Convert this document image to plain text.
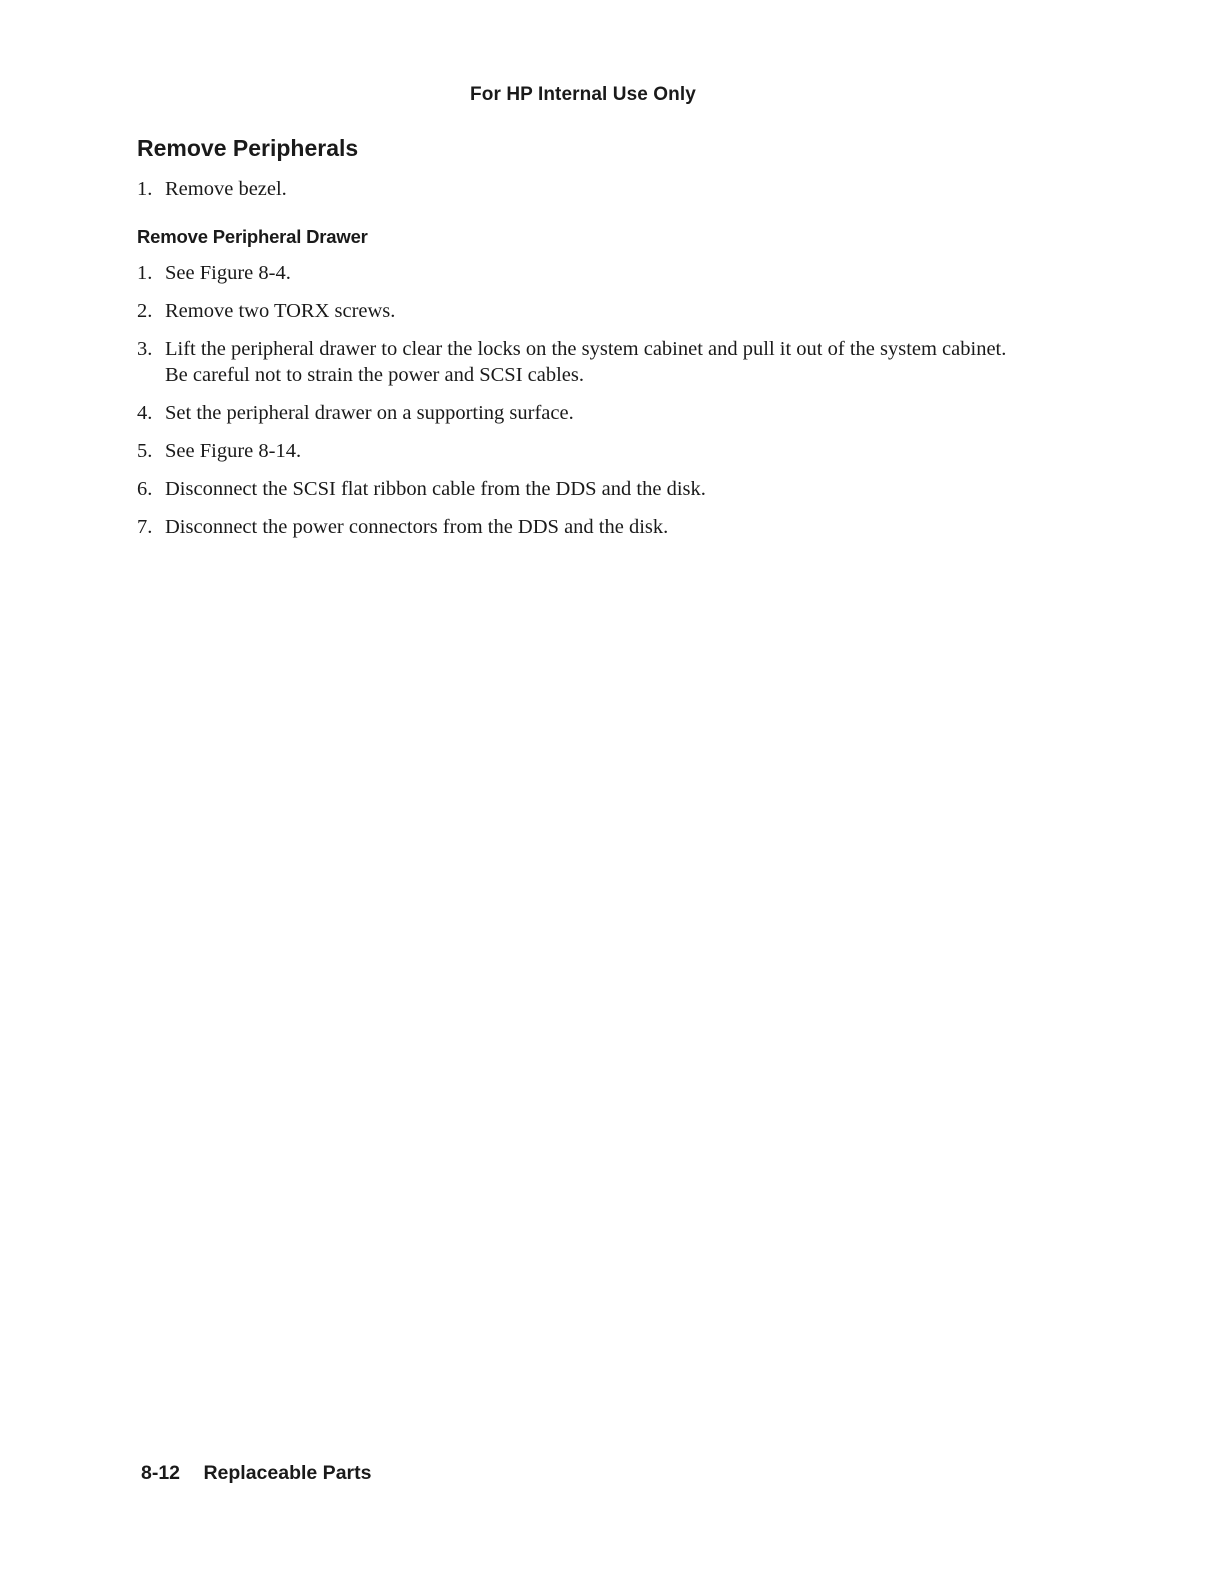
For HP Internal Use Only
Remove Peripherals
1. Remove bezel.
Remove Peripheral Drawer
1. See Figure 8-4.
2. Remove two TORX screws.
3. Lift the peripheral drawer to clear the locks on the system cabinet and pull it out of the system cabinet. Be careful not to strain the power and SCSI cables.
4. Set the peripheral drawer on a supporting surface.
5. See Figure 8-14.
6. Disconnect the SCSI flat ribbon cable from the DDS and the disk.
7. Disconnect the power connectors from the DDS and the disk.
8-12 Replaceable Parts
